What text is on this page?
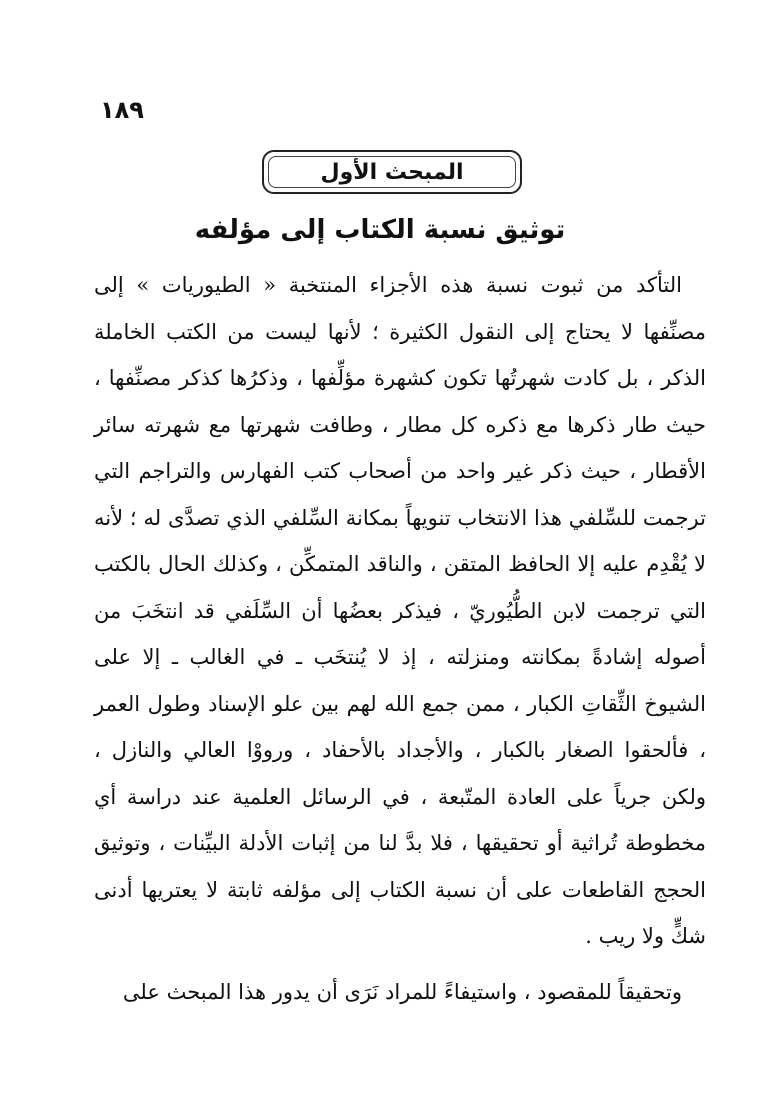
١٨٩
المبحث الأول
توثيق نسبة الكتاب إلى مؤلفه

التأكد من ثبوت نسبة هذه الأجزاء المنتخبة « الطيوريات » إلى مصنِّفها لا يحتاج إلى النقول الكثيرة ؛ لأنها ليست من الكتب الخاملة الذكر ، بل كادت شهرتُها تكون كشهرة مؤلِّفها ، وذكرُها كذكر مصنِّفها ، حيث طار ذكرها مع ذكره كل مطار ، وطافت شهرتها مع شهرته سائر الأقطار ، حيث ذكر غير واحد من أصحاب كتب الفهارس والتراجم التي ترجمت للسِّلفي هذا الانتخاب تنويهاً بمكانة السِّلفي الذي تصدَّى له ؛ لأنه لا يُقْدِم عليه إلا الحافظ المتقن ، والناقد المتمكِّن ، وكذلك الحال بالكتب التي ترجمت لابن الطُّيُوريّ ، فيذكر بعضُها أن السِّلَفي قد انتخَبَ من أصوله إشادةً بمكانته ومنزلته ، إذ لا يُنتخَب ـ في الغالب ـ إلا على الشيوخ الثِّقاتِ الكبار ، ممن جمع الله لهم بين علو الإسناد وطول العمر ، فألحقوا الصغار بالكبار ، والأجداد بالأحفاد ، ورووْا العالي والنازل ، ولكن جرياً على العادة المتّبعة ، في الرسائل العلمية عند دراسة أي مخطوطة تُراثية أو تحقيقها ، فلا بدَّ لنا من إثبات الأدلة البيِّنات ، وتوثيق الحجج القاطعات على أن نسبة الكتاب إلى مؤلفه ثابتة لا يعتريها أدنى شكٍّ ولا ريب .

وتحقيقاً للمقصود ، واستيفاءً للمراد نَرَى أن يدور هذا المبحث على
